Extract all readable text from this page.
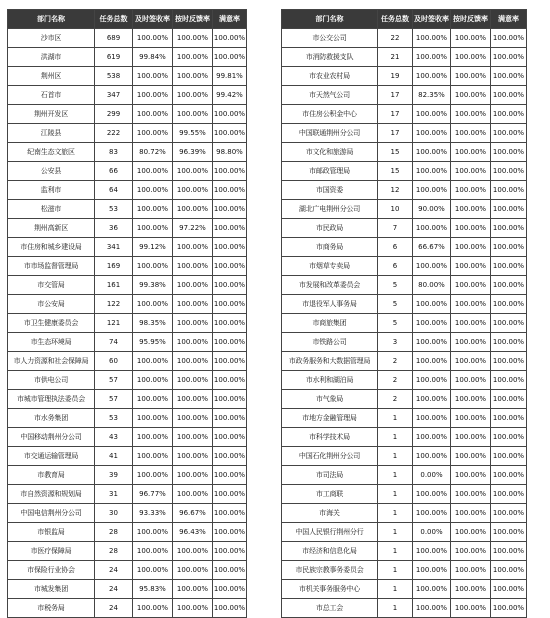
部门名称	任务总数	及时签收率	按时反馈率	满意率
沙市区	689	100.00%	100.00%	100.00%
洪湖市	619	99.84%	100.00%	100.00%
荆州区	538	100.00%	100.00%	99.81%
石首市	347	100.00%	100.00%	99.42%
荆州开发区	299	100.00%	100.00%	100.00%
江陵县	222	100.00%	99.55%	100.00%
纪南生态文旅区	83	80.72%	96.39%	98.80%
公安县	66	100.00%	100.00%	100.00%
监利市	64	100.00%	100.00%	100.00%
松滋市	53	100.00%	100.00%	100.00%
荆州高新区	36	100.00%	97.22%	100.00%
市住房和城乡建设局	341	99.12%	100.00%	100.00%
市市场监督管理局	169	100.00%	100.00%	100.00%
市交管局	161	99.38%	100.00%	100.00%
市公安局	122	100.00%	100.00%	100.00%
市卫生健康委员会	121	98.35%	100.00%	100.00%
市生态环境局	74	95.95%	100.00%	100.00%
市人力资源和社会保障局	60	100.00%	100.00%	100.00%
市供电公司	57	100.00%	100.00%	100.00%
市城市管理执法委员会	57	100.00%	100.00%	100.00%
市水务集团	53	100.00%	100.00%	100.00%
中国移动荆州分公司	43	100.00%	100.00%	100.00%
市交通运输管理局	41	100.00%	100.00%	100.00%
市教育局	39	100.00%	100.00%	100.00%
市自然资源和规划局	31	96.77%	100.00%	100.00%
中国电信荆州分公司	30	93.33%	96.67%	100.00%
市银监局	28	100.00%	96.43%	100.00%
市医疗保障局	28	100.00%	100.00%	100.00%
市保险行业协会	24	100.00%	100.00%	100.00%
市城发集团	24	95.83%	100.00%	100.00%
市税务局	24	100.00%	100.00%	100.00%
部门名称	任务总数	及时签收率	按时反馈率	满意率
市公交公司	22	100.00%	100.00%	100.00%
市消防救援支队	21	100.00%	100.00%	100.00%
市农业农村局	19	100.00%	100.00%	100.00%
市天然气公司	17	82.35%	100.00%	100.00%
市住房公积金中心	17	100.00%	100.00%	100.00%
中国联通荆州分公司	17	100.00%	100.00%	100.00%
市文化和旅游局	15	100.00%	100.00%	100.00%
市邮政管理局	15	100.00%	100.00%	100.00%
市国资委	12	100.00%	100.00%	100.00%
湖北广电荆州分公司	10	90.00%	100.00%	100.00%
市民政局	7	100.00%	100.00%	100.00%
市商务局	6	66.67%	100.00%	100.00%
市烟草专卖局	6	100.00%	100.00%	100.00%
市发展和改革委员会	5	80.00%	100.00%	100.00%
市退役军人事务局	5	100.00%	100.00%	100.00%
市商旅集团	5	100.00%	100.00%	100.00%
市铁路公司	3	100.00%	100.00%	100.00%
市政务服务和大数据管理局	2	100.00%	100.00%	100.00%
市水利和湖泊局	2	100.00%	100.00%	100.00%
市气象局	2	100.00%	100.00%	100.00%
市地方金融管理局	1	100.00%	100.00%	100.00%
市科学技术局	1	100.00%	100.00%	100.00%
中国石化荆州分公司	1	100.00%	100.00%	100.00%
市司法局	1	0.00%	100.00%	100.00%
市工商联	1	100.00%	100.00%	100.00%
市海关	1	100.00%	100.00%	100.00%
中国人民银行荆州分行	1	0.00%	100.00%	100.00%
市经济和信息化局	1	100.00%	100.00%	100.00%
市民族宗教事务委员会	1	100.00%	100.00%	100.00%
市机关事务服务中心	1	100.00%	100.00%	100.00%
市总工会	1	100.00%	100.00%	100.00%
